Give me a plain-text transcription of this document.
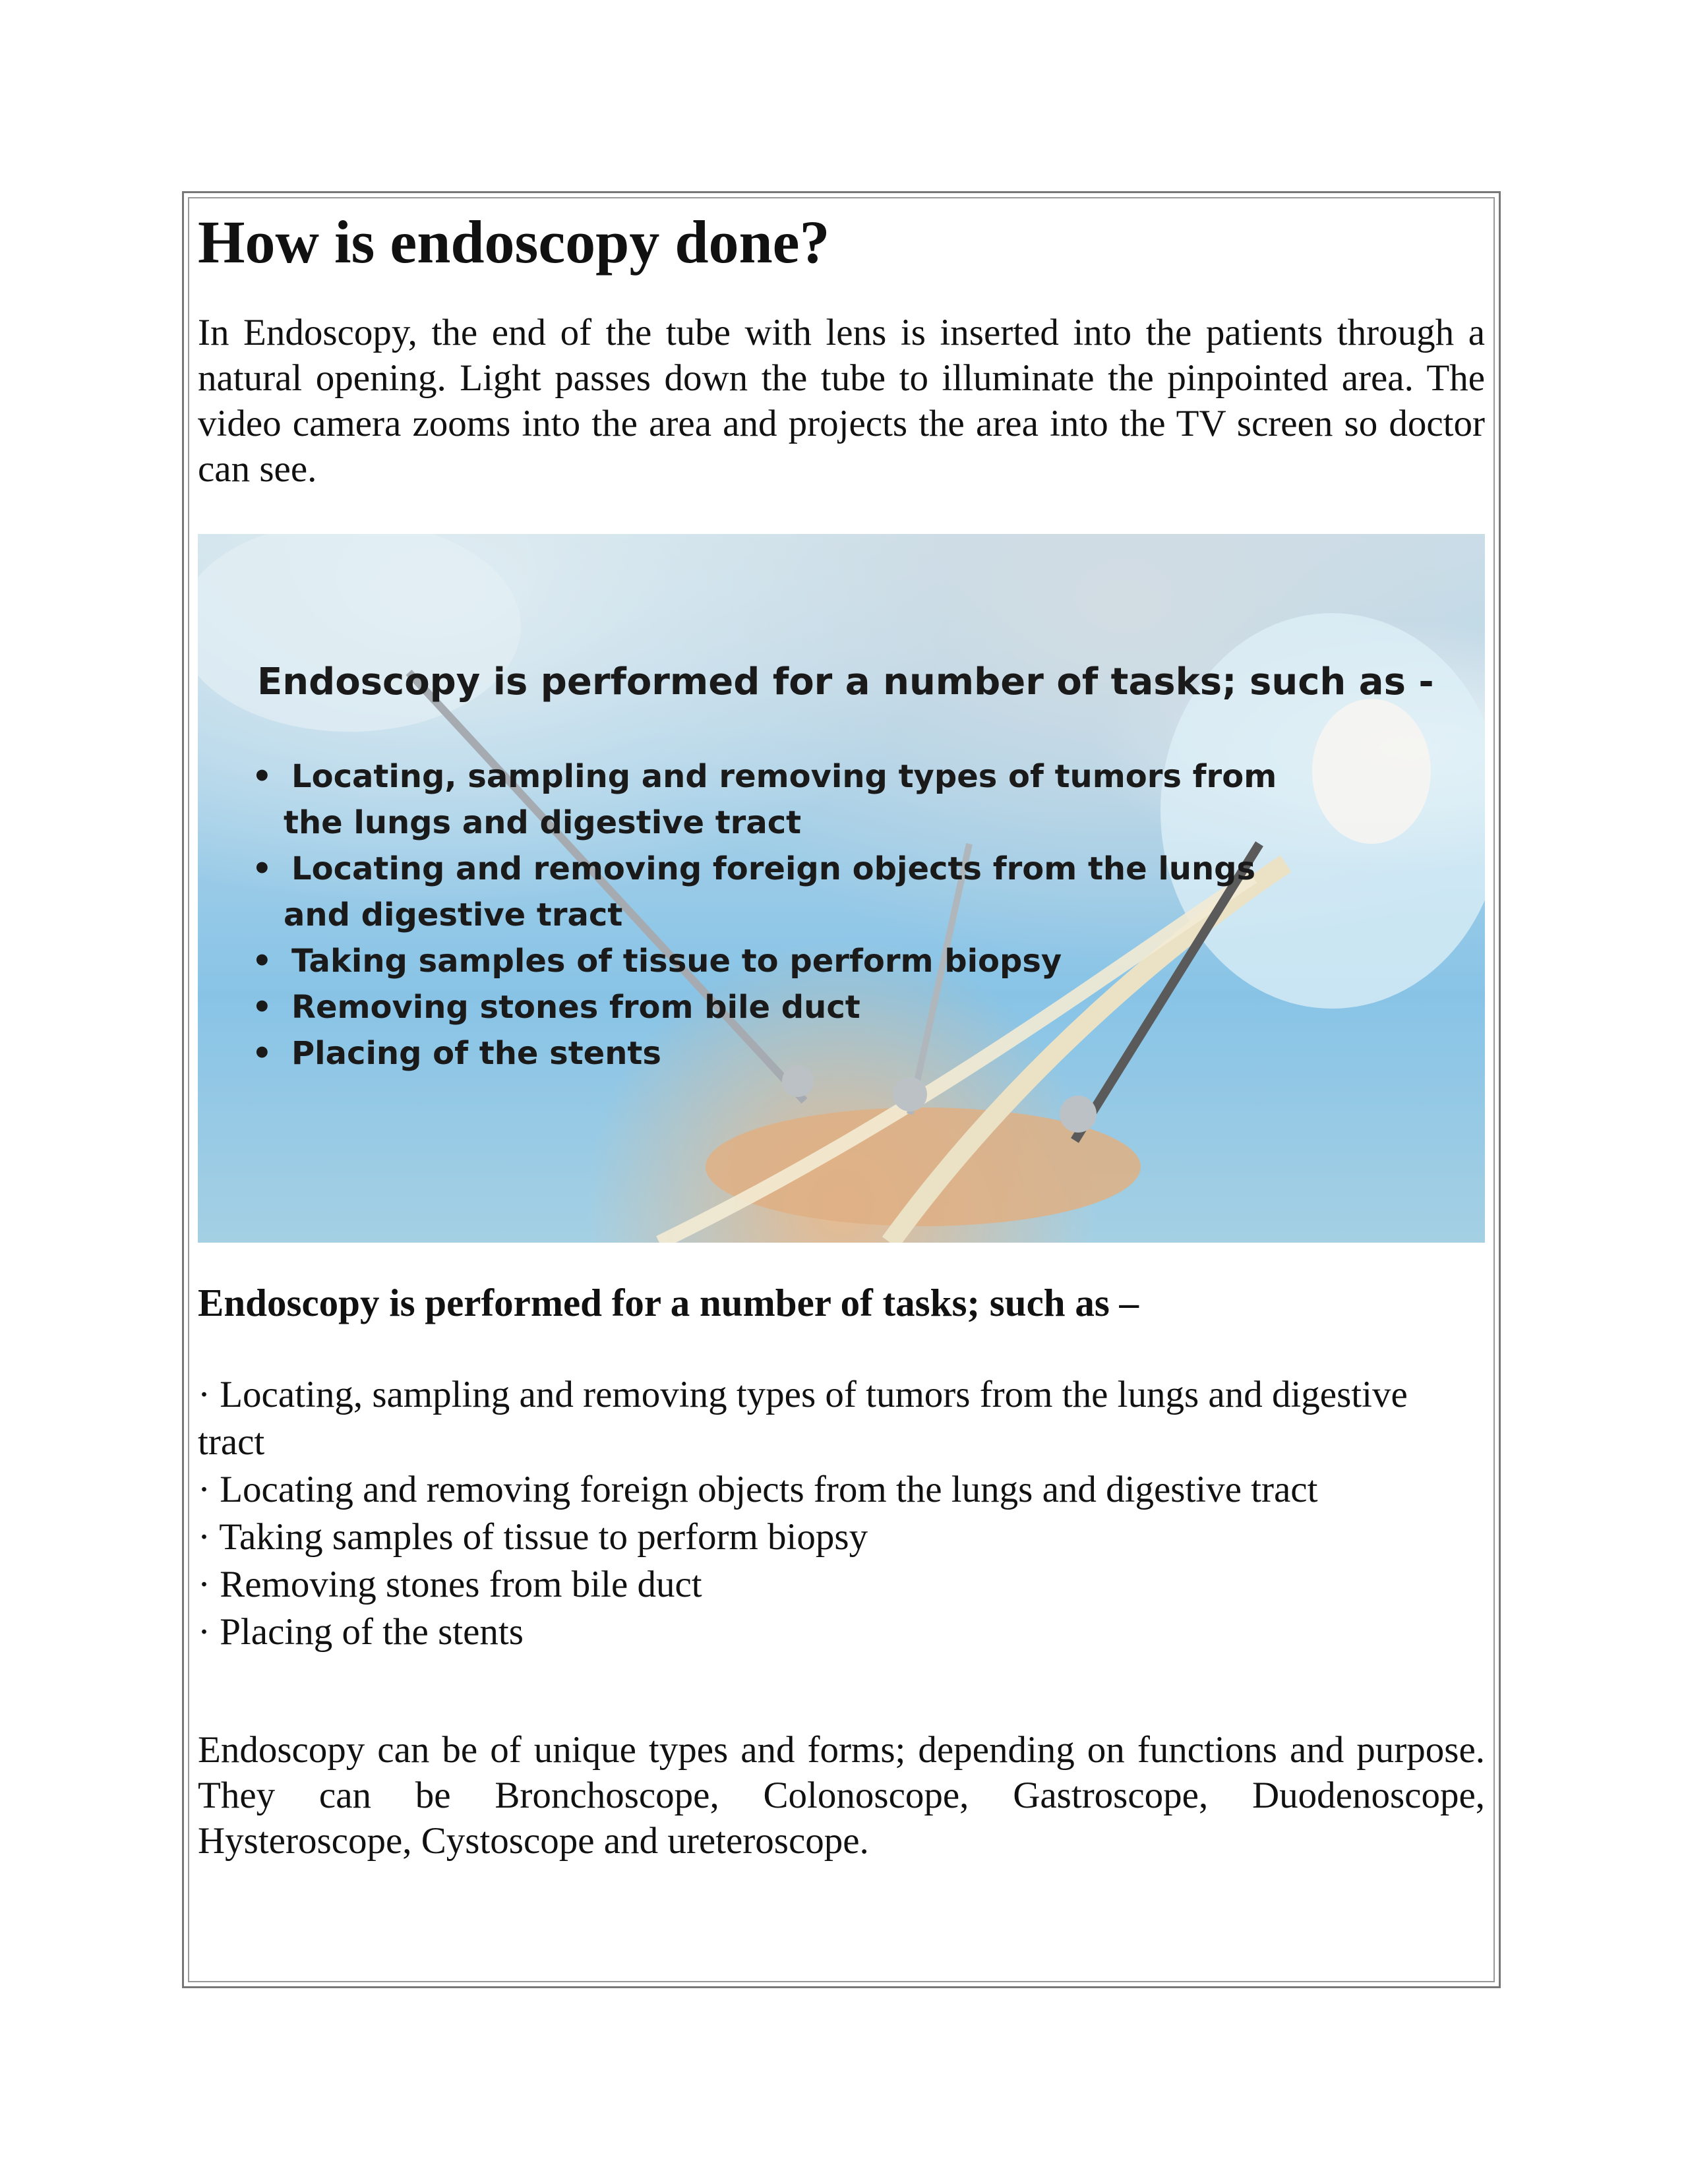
How is endoscopy done?

In Endoscopy, the end of the tube with lens is inserted into the patients through a natural opening. Light passes down the tube to illuminate the pinpointed area. The video camera zooms into the area and projects the area into the TV screen so doctor can see.

Endoscopy is performed for a number of tasks; such as -

• Locating, sampling and removing types of tumors from
the lungs and digestive tract
• Locating and removing foreign objects from the lungs
and digestive tract
• Taking samples of tissue to perform biopsy
• Removing stones from bile duct
• Placing of the stents
Endoscopy is performed for a number of tasks; such as –
· Locating, sampling and removing types of tumors from the lungs and digestive tract
· Locating and removing foreign objects from the lungs and digestive tract
· Taking samples of tissue to perform biopsy
· Removing stones from bile duct
· Placing of the stents

Endoscopy can be of unique types and forms; depending on functions and purpose. They can be Bronchoscope, Colonoscope, Gastroscope, Duodenoscope, Hysteroscope, Cystoscope and ureteroscope.
